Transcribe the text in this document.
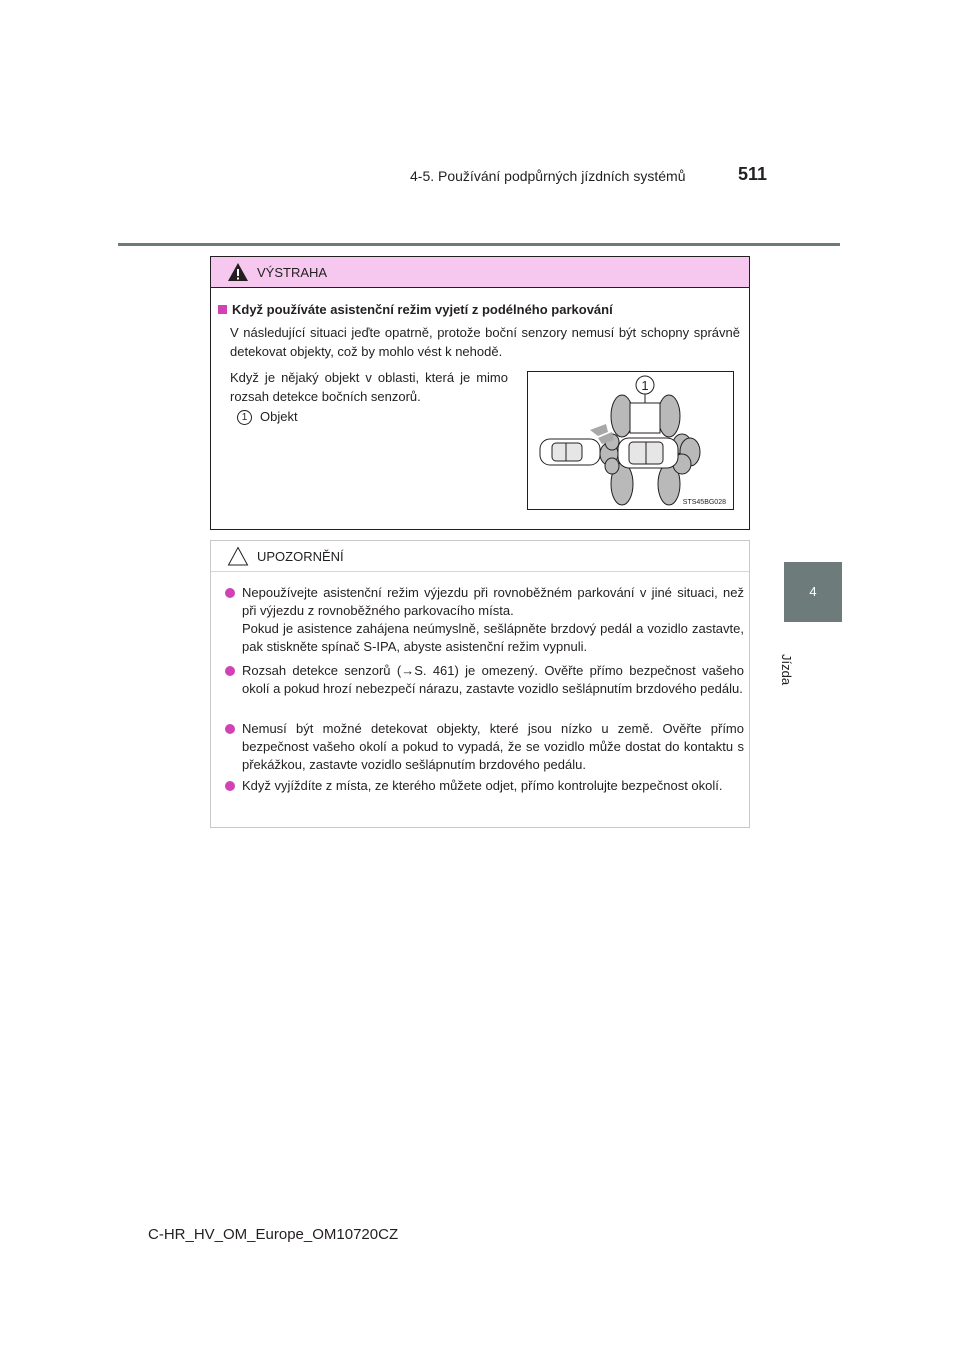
4-5. Používání podpůrných jízdních systémů	511
4
Jízda
VÝSTRAHA
Když používáte asistenční režim vyjetí z podélného parkování
V následující situaci jeďte opatrně, protože boční senzory nemusí být schopny správně detekovat objekty, což by mohlo vést k nehodě.
Když je nějaký objekt v oblasti, která je mimo rozsah detekce bočních senzorů.
1 Objekt
1
STS45BG028
UPOZORNĚNÍ
Nepoužívejte asistenční režim výjezdu při rovnoběžném parkování v jiné situaci, než při výjezdu z rovnoběžného parkovacího místa.
Pokud je asistence zahájena neúmyslně, sešlápněte brzdový pedál a vozidlo zastavte, pak stiskněte spínač S-IPA, abyste asistenční režim vypnuli.
Rozsah detekce senzorů (→S. 461) je omezený. Ověřte přímo bezpečnost vašeho okolí a pokud hrozí nebezpečí nárazu, zastavte vozidlo sešlápnutím brzdového pedálu.
Nemusí být možné detekovat objekty, které jsou nízko u země. Ověřte přímo bezpečnost vašeho okolí a pokud to vypadá, že se vozidlo může dostat do kontaktu s překážkou, zastavte vozidlo sešlápnutím brzdového pedálu.
Když vyjíždíte z místa, ze kterého můžete odjet, přímo kontrolujte bezpečnost okolí.
C-HR_HV_OM_Europe_OM10720CZ
